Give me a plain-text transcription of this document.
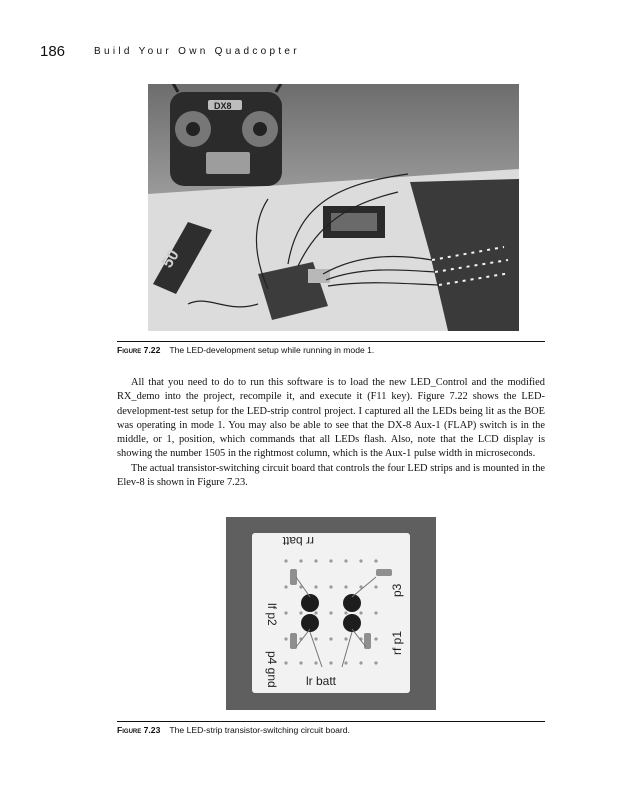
186	Build Your Own Quadcopter
DX8
50
Figure 7.22 The LED-development setup while running in mode 1.

All that you need to do to run this software is to load the new LED_Control and the modified RX_demo into the project, recompile it, and execute it (F11 key). Figure 7.22 shows the LED-development-test setup for the LED-strip control project. I captured all the LEDs being lit as the BOE was operating in mode 1. You may also be able to see that the DX-8 Aux-1 (FLAP) switch is in the middle, or 1, position, which commands that all LEDs flash. Also, note that the LCD display is showing the number 1505 in the rightmost column, which is the Aux-1 pulse width in microseconds.

The actual transistor-switching circuit board that controls the four LED strips and is mounted in the Elev-8 is shown in Figure 7.23.

rr batt
lf p2
p4 gnd
p3
rf p1
lr batt
Figure 7.23 The LED-strip transistor-switching circuit board.
